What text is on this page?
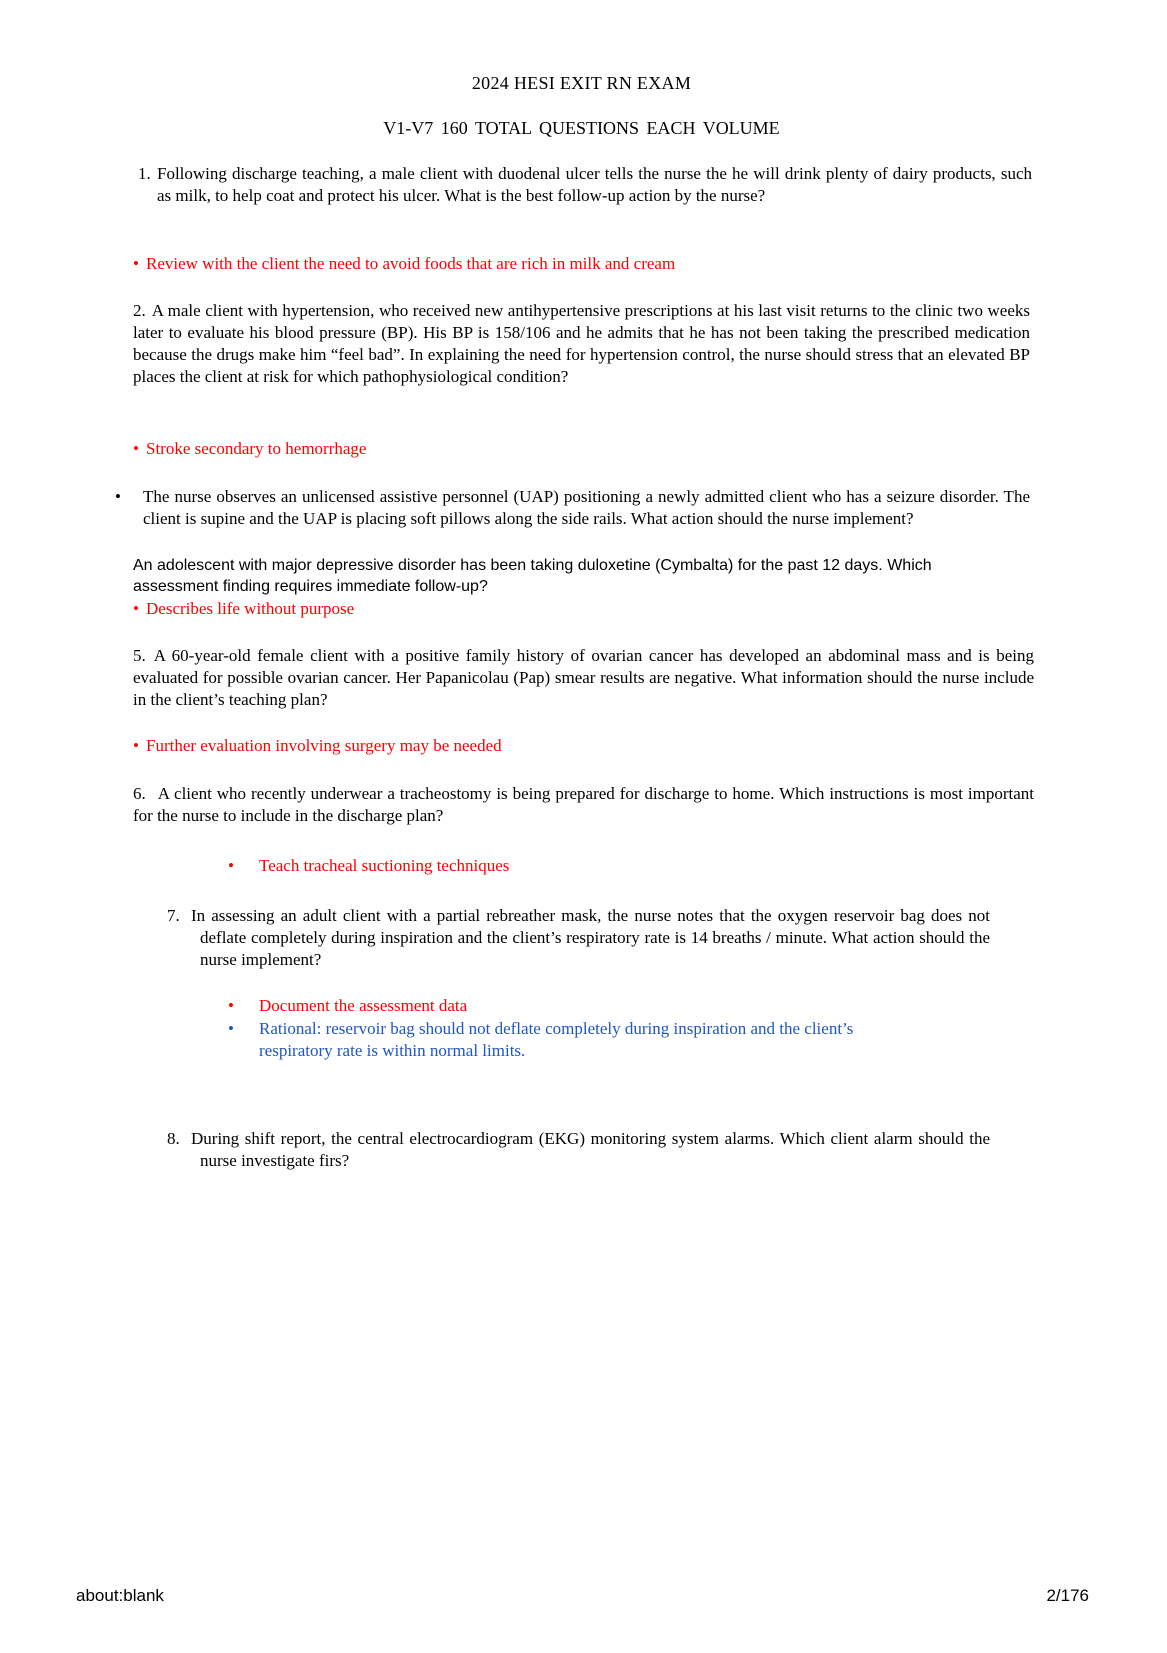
2024 HESI EXIT RN EXAM
V1-V7 160 TOTAL QUESTIONS EACH VOLUME
1. Following discharge teaching, a male client with duodenal ulcer tells the nurse the he will drink plenty of dairy products, such as milk, to help coat and protect his ulcer. What is the best follow-up action by the nurse?
• Review with the client the need to avoid foods that are rich in milk and cream
2. A male client with hypertension, who received new antihypertensive prescriptions at his last visit returns to the clinic two weeks later to evaluate his blood pressure (BP). His BP is 158/106 and he admits that he has not been taking the prescribed medication because the drugs make him “feel bad”. In explaining the need for hypertension control, the nurse should stress that an elevated BP places the client at risk for which pathophysiological condition?
• Stroke secondary to hemorrhage
• The nurse observes an unlicensed assistive personnel (UAP) positioning a newly admitted client who has a seizure disorder. The client is supine and the UAP is placing soft pillows along the side rails. What action should the nurse implement?
An adolescent with major depressive disorder has been taking duloxetine (Cymbalta) for the past 12 days. Which assessment finding requires immediate follow-up?
• Describes life without purpose
5. A 60-year-old female client with a positive family history of ovarian cancer has developed an abdominal mass and is being evaluated for possible ovarian cancer. Her Papanicolau (Pap) smear results are negative. What information should the nurse include in the client’s teaching plan?
• Further evaluation involving surgery may be needed
6. A client who recently underwear a tracheostomy is being prepared for discharge to home. Which instructions is most important for the nurse to include in the discharge plan?
• Teach tracheal suctioning techniques
7. In assessing an adult client with a partial rebreather mask, the nurse notes that the oxygen reservoir bag does not deflate completely during inspiration and the client’s respiratory rate is 14 breaths / minute. What action should the nurse implement?
• Document the assessment data
• Rational: reservoir bag should not deflate completely during inspiration and the client’s respiratory rate is within normal limits.
8. During shift report, the central electrocardiogram (EKG) monitoring system alarms. Which client alarm should the nurse investigate firs?
about:blank	2/176
